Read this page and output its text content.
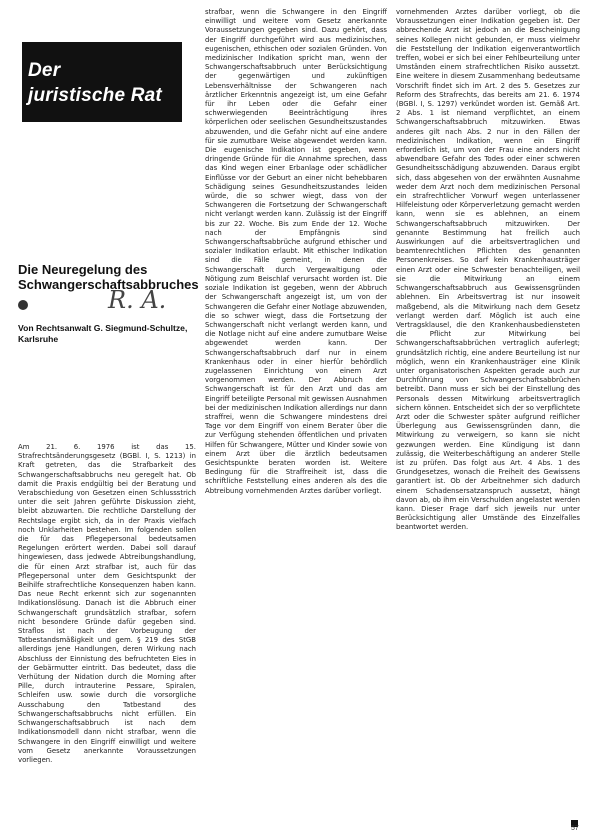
Der
juristische Rat
Die Neuregelung des Schwangerschaftsabbruches
R. A.
Von Rechtsanwalt G. Siegmund-Schultze, Karlsruhe

Am 21. 6. 1976 ist das 15. Strafrechtsänderungsgesetz (BGBl. I, S. 1213) in Kraft getreten, das die Strafbarkeit des Schwangerschaftsabbruchs neu geregelt hat. Ob damit die Praxis endgültig bei der Beratung und Verabschiedung von Gesetzen einen Schlussstrich unter die seit Jahren geführte Diskussion zieht, bleibt abzuwarten. Die rechtliche Darstellung der Rechtslage ergibt sich, da in der Praxis vielfach noch Unklarheiten bestehen. Im folgenden sollen die für das Pflegepersonal bedeutsamen Regelungen erörtert werden. Dabei soll darauf hingewiesen, dass jedwede Abtreibungshandlung, die für einen Arzt strafbar ist, auch für das Pflegepersonal unter dem Gesichtspunkt der Beihilfe strafrechtliche Konsequenzen haben kann. Das neue Recht erkennt sich zur sogenannten Indikationslösung. Danach ist die Abbruch einer Schwangerschaft grundsätzlich strafbar, sofern nicht besondere Gründe dafür gegeben sind. Straflos ist nach der Vorbeugung der Tatbestandsmäßigkeit und gem. § 219 des StGB allerdings jene Handlungen, deren Wirkung nach Abschluss der Einnistung des befruchteten Eies in der Gebärmutter eintritt. Das bedeutet, dass die Verhütung der Nidation durch die Morning after Pille, durch intrauterine Pessare, Spiralen, Schleifen usw. sowie durch die vorsorgliche Ausschabung den Tatbestand des Schwangerschaftsabbruchs nicht erfüllen. Ein Schwangerschaftsabbruch ist nach dem Indikationsmodell dann nicht strafbar, wenn die Schwangere in den Eingriff einwilligt und weitere vom Gesetz anerkannte Voraussetzungen vorliegen.

strafbar, wenn die Schwangere in den Eingriff einwilligt und weitere vom Gesetz anerkannte Voraussetzungen gegeben sind. Dazu gehört, dass der Eingriff durchgeführt wird aus medizinischen, eugenischen, ethischen oder sozialen Gründen. Von medizinischer Indikation spricht man, wenn der Schwangerschaftsabbruch unter Berücksichtigung der gegenwärtigen und zukünftigen Lebensverhältnisse der Schwangeren nach ärztlicher Erkenntnis angezeigt ist, um eine Gefahr für ihr Leben oder die Gefahr einer schwerwiegenden Beeinträchtigung ihres körperlichen oder seelischen Gesundheitszustandes abzuwenden, und die Gefahr nicht auf eine andere für sie zumutbare Weise abgewendet werden kann. Die eugenische Indikation ist gegeben, wenn dringende Gründe für die Annahme sprechen, dass das Kind wegen einer Erbanlage oder schädlicher Einflüsse vor der Geburt an einer nicht behebbaren Schädigung seines Gesundheitszustandes leiden würde, die so schwer wiegt, dass von der Schwangeren die Fortsetzung der Schwangerschaft nicht verlangt werden kann. Zulässig ist der Eingriff bis zur 22. Woche. Bis zum Ende der 12. Woche nach der Empfängnis sind Schwangerschaftsabbrüche aufgrund ethischer und sozialer Indikation erlaubt. Mit ethischer Indikation sind die Fälle gemeint, in denen die Schwangerschaft durch Vergewaltigung oder Nötigung zum Beischlaf verursacht worden ist. Die soziale Indikation ist gegeben, wenn der Abbruch der Schwangerschaft angezeigt ist, um von der Schwangeren die Gefahr einer Notlage abzuwenden, die so schwer wiegt, dass die Fortsetzung der Schwangerschaft nicht verlangt werden kann, und die Notlage nicht auf eine andere zumutbare Weise abgewendet werden kann. Der Schwangerschaftsabbruch darf nur in einem Krankenhaus oder in einer hierfür behördlich zugelassenen Einrichtung von einem Arzt vorgenommen werden. Der Abbruch der Schwangerschaft ist für den Arzt und das am Eingriff beteiligte Personal mit gewissen Ausnahmen bei der medizinischen Indikation allerdings nur dann straffrei, wenn die Schwangere mindestens drei Tage vor dem Eingriff von einem Berater über die zur Verfügung stehenden öffentlichen und privaten Hilfen für Schwangere, Mütter und Kinder sowie von einem Arzt über die ärztlich bedeutsamen Gesichtspunkte beraten worden ist. Weitere Bedingung für die Straffreiheit ist, dass die schriftliche Feststellung eines anderen als des die Abtreibung vornehmenden Arztes darüber vorliegt.

vornehmenden Arztes darüber vorliegt, ob die Voraussetzungen einer Indikation gegeben ist. Der abbrechende Arzt ist jedoch an die Bescheinigung seines Kollegen nicht gebunden, er muss vielmehr die Feststellung der Indikation eigenverantwortlich treffen, wobei er sich bei einer Fehlbeurteilung unter Umständen einem strafrechtlichen Risiko aussetzt. Eine weitere in diesem Zusammenhang bedeutsame Vorschrift findet sich im Art. 2 des 5. Gesetzes zur Reform des Strafrechts, das bereits am 21. 6. 1974 (BGBl. I, S. 1297) verkündet worden ist. Gemäß Art. 2 Abs. 1 ist niemand verpflichtet, an einem Schwangerschaftsabbruch mitzuwirken. Etwas anderes gilt nach Abs. 2 nur in den Fällen der medizinischen Indikation, wenn ein Eingriff erforderlich ist, um von der Frau eine anders nicht abwendbare Gefahr des Todes oder einer schweren Gesundheitsschädigung abzuwenden. Daraus ergibt sich, dass abgesehen von der erwähnten Ausnahme weder dem Arzt noch dem medizinischen Personal ein strafrechtlicher Vorwurf wegen unterlassener Hilfeleistung oder Körperverletzung gemacht werden kann, wenn sie es ablehnen, an einem Schwangerschaftsabbruch mitzuwirken. Der genannte Bestimmung hat freilich auch Auswirkungen auf die arbeitsvertraglichen und beamtenrechtlichen Pflichten des genannten Personenkreises. So darf kein Krankenhausträger einen Arzt oder eine Schwester benachteiligen, weil sie die Mitwirkung an einem Schwangerschaftsabbruch aus Gewissensgründen ablehnen. Ein Arbeitsvertrag ist nur insoweit maßgebend, als die Mitwirkung nach dem Gesetz verlangt werden darf. Möglich ist auch eine Vertragsklausel, die den Krankenhausbediensteten die Pflicht zur Mitwirkung bei Schwangerschaftsabbrüchen vertraglich auferlegt; grundsätzlich richtig, eine andere Beurteilung ist nur möglich, wenn ein Krankenhausträger eine Klinik unter organisatorischen Aspekten gerade auch zur Durchführung von Schwangerschaftsabbrüchen betreibt. Dann muss er sich bei der Einstellung des Personals dessen Mitwirkung arbeitsvertraglich sichern können. Entscheidet sich der so verpflichtete Arzt oder die Schwester später aufgrund reiflicher Überlegung aus Gewissensgründen dann, die Mitwirkung zu verweigern, so kann sie nicht gezwungen werden. Eine Kündigung ist dann zulässig, die Weiterbeschäftigung an anderer Stelle ist zu prüfen. Das folgt aus Art. 4 Abs. 1 des Grundgesetzes, wonach die Freiheit des Gewissens garantiert ist. Ob der Arbeitnehmer sich dadurch einem Schadensersatzanspruch aussetzt, hängt davon ab, ob ihm ein Verschulden angelastet werden kann. Dieser Frage darf sich jeweils nur unter Berücksichtigung aller Umstände des Einzelfalles beantwortet werden.

57
